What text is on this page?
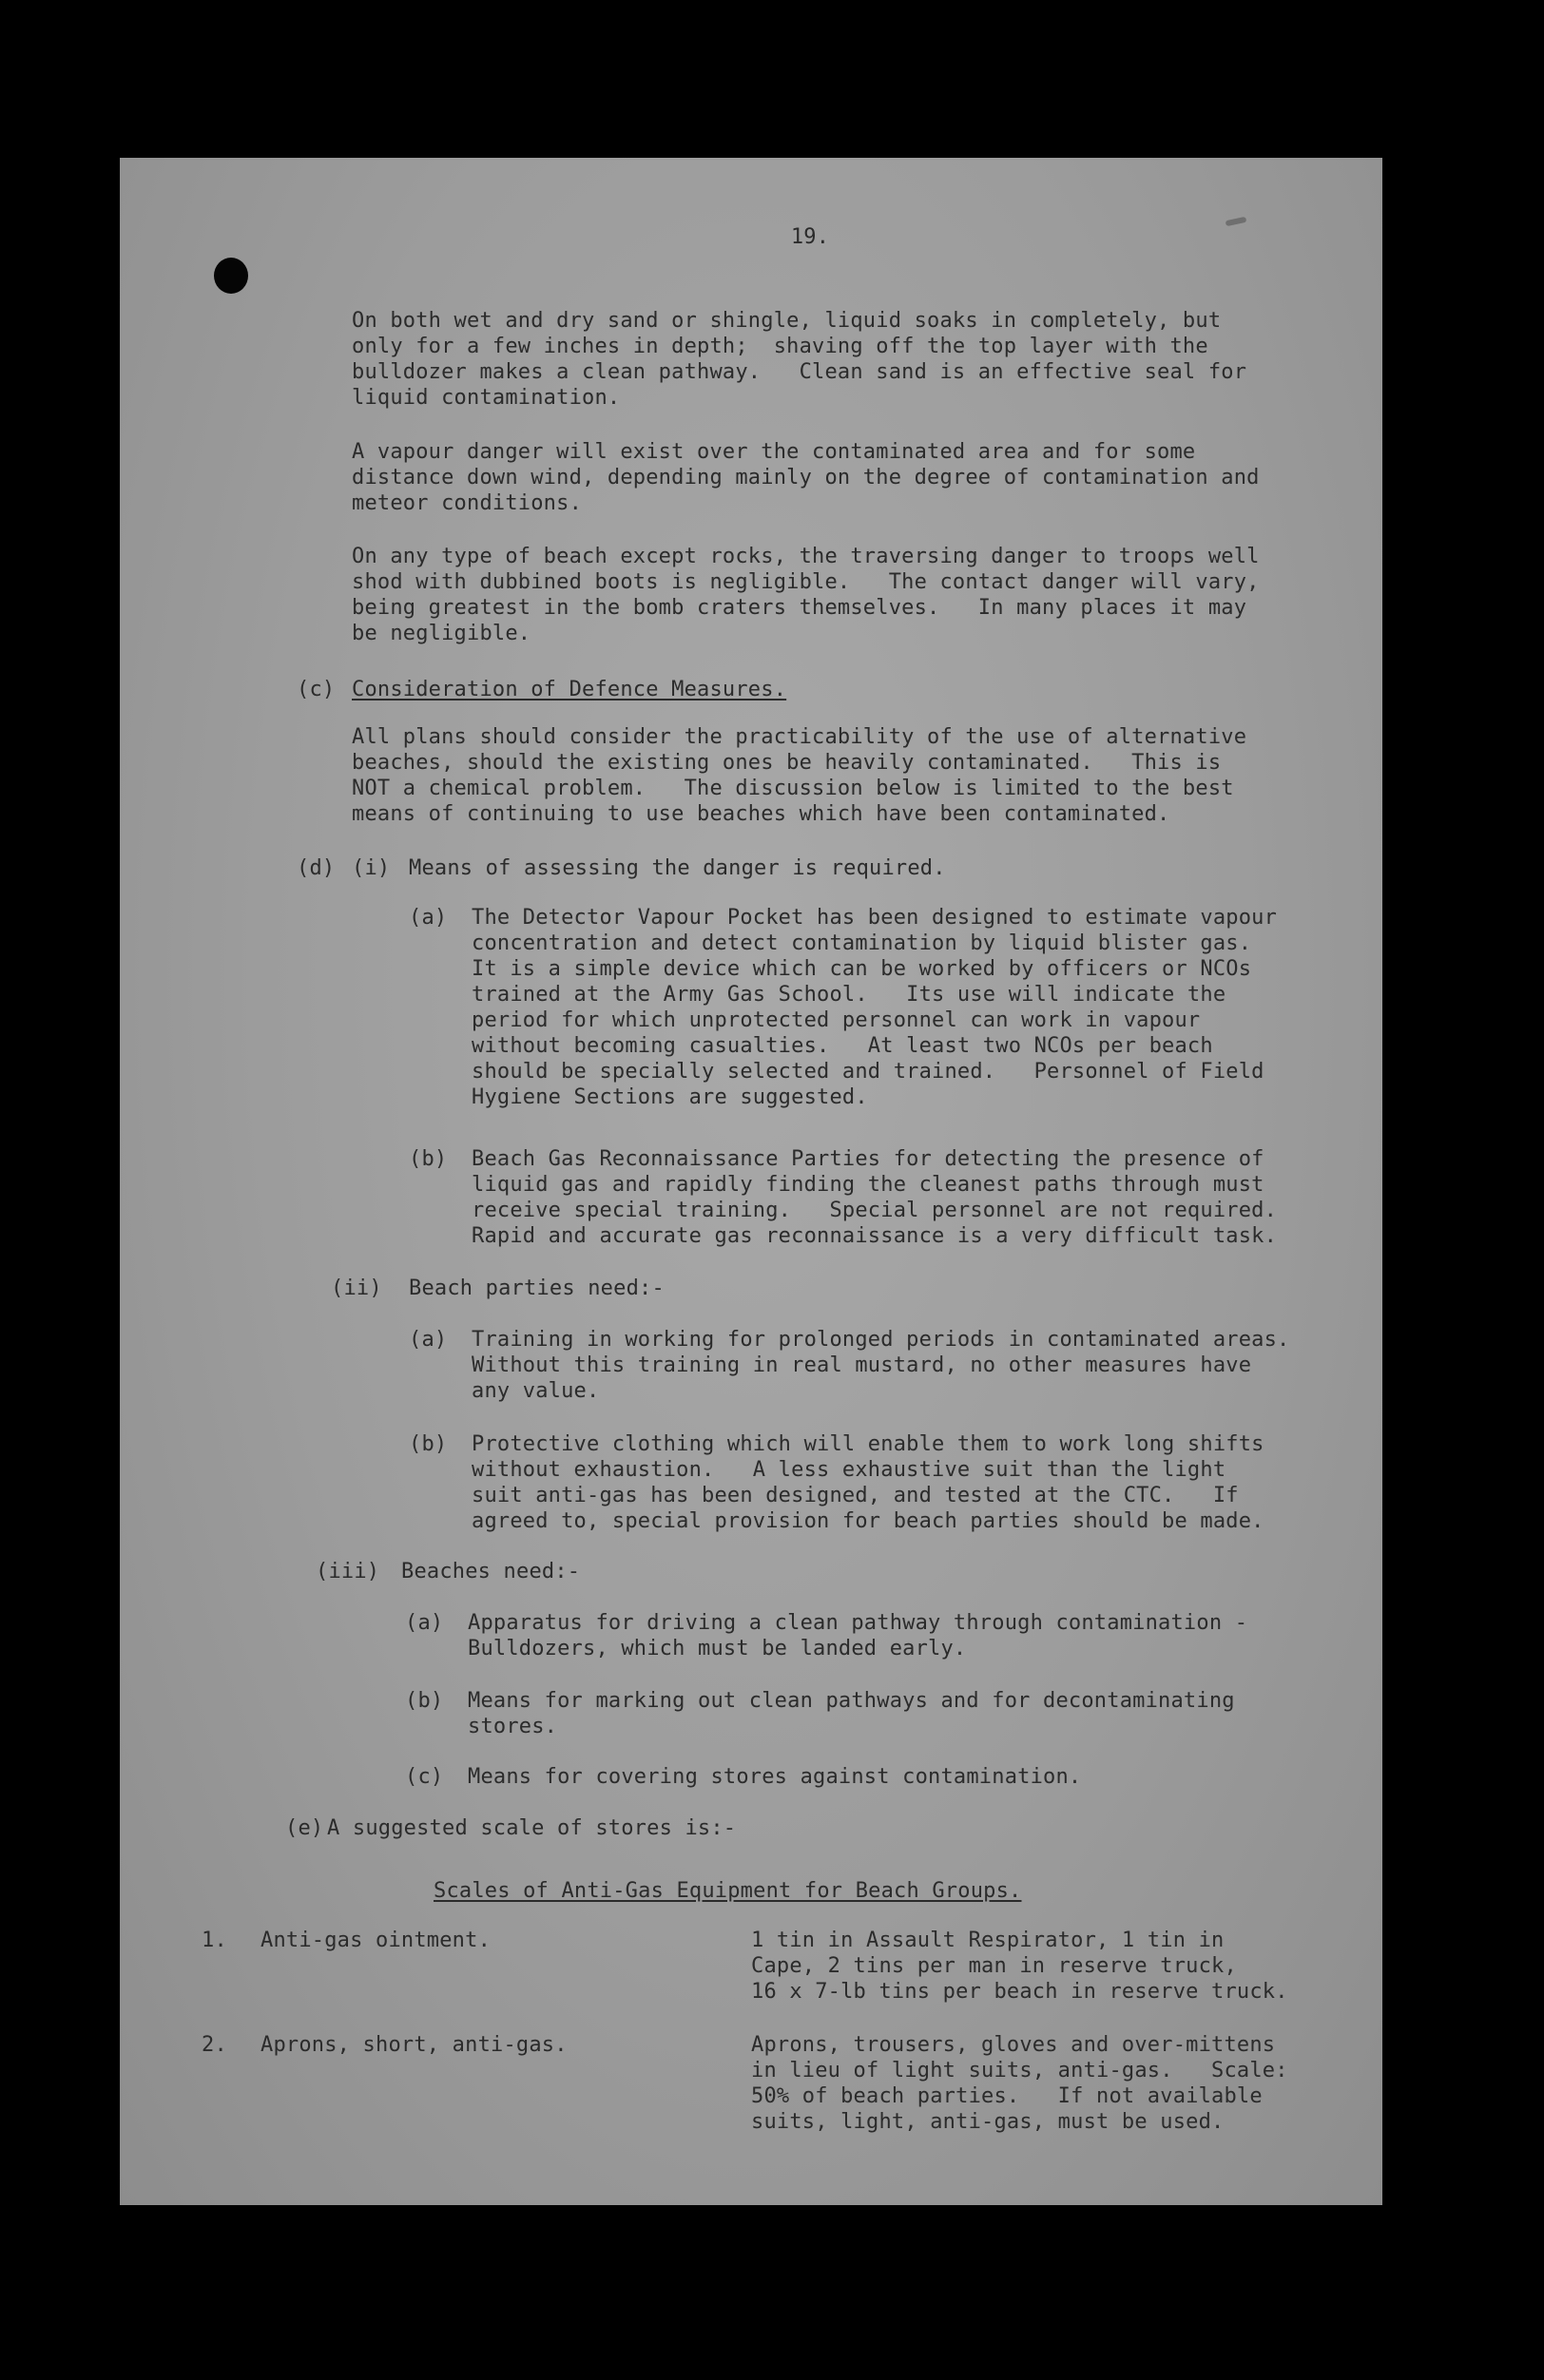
19.

On both wet and dry sand or shingle, liquid soaks in completely, but
only for a few inches in depth;  shaving off the top layer with the
bulldozer makes a clean pathway.   Clean sand is an effective seal for
liquid contamination.

A vapour danger will exist over the contaminated area and for some
distance down wind, depending mainly on the degree of contamination and
meteor conditions.

On any type of beach except rocks, the traversing danger to troops well
shod with dubbined boots is negligible.   The contact danger will vary,
being greatest in the bomb craters themselves.   In many places it may
be negligible.

(c) Consideration of Defence Measures.

All plans should consider the practicability of the use of alternative
beaches, should the existing ones be heavily contaminated.   This is
NOT a chemical problem.   The discussion below is limited to the best
means of continuing to use beaches which have been contaminated.

(d) (i) Means of assessing the danger is required.
(a) The Detector Vapour Pocket has been designed to estimate vapour
concentration and detect contamination by liquid blister gas.
It is a simple device which can be worked by officers or NCOs
trained at the Army Gas School.   Its use will indicate the
period for which unprotected personnel can work in vapour
without becoming casualties.   At least two NCOs per beach
should be specially selected and trained.   Personnel of Field
Hygiene Sections are suggested.

(b) Beach Gas Reconnaissance Parties for detecting the presence of
liquid gas and rapidly finding the cleanest paths through must
receive special training.   Special personnel are not required.
Rapid and accurate gas reconnaissance is a very difficult task.

(ii) Beach parties need:-
(a) Training in working for prolonged periods in contaminated areas.
Without this training in real mustard, no other measures have
any value.

(b) Protective clothing which will enable them to work long shifts
without exhaustion.   A less exhaustive suit than the light
suit anti-gas has been designed, and tested at the CTC.   If
agreed to, special provision for beach parties should be made.

(iii) Beaches need:-
(a) Apparatus for driving a clean pathway through contamination -
Bulldozers, which must be landed early.

(b) Means for marking out clean pathways and for decontaminating
stores.

(c) Means for covering stores against contamination.
(e) A suggested scale of stores is:-
Scales of Anti-Gas Equipment for Beach Groups.
1. Anti-gas ointment.	1 tin in Assault Respirator, 1 tin in
Cape, 2 tins per man in reserve truck,
16 x 7-lb tins per beach in reserve truck.

2. Aprons, short, anti-gas.	Aprons, trousers, gloves and over-mittens
in lieu of light suits, anti-gas.   Scale:
50% of beach parties.   If not available
suits, light, anti-gas, must be used.
